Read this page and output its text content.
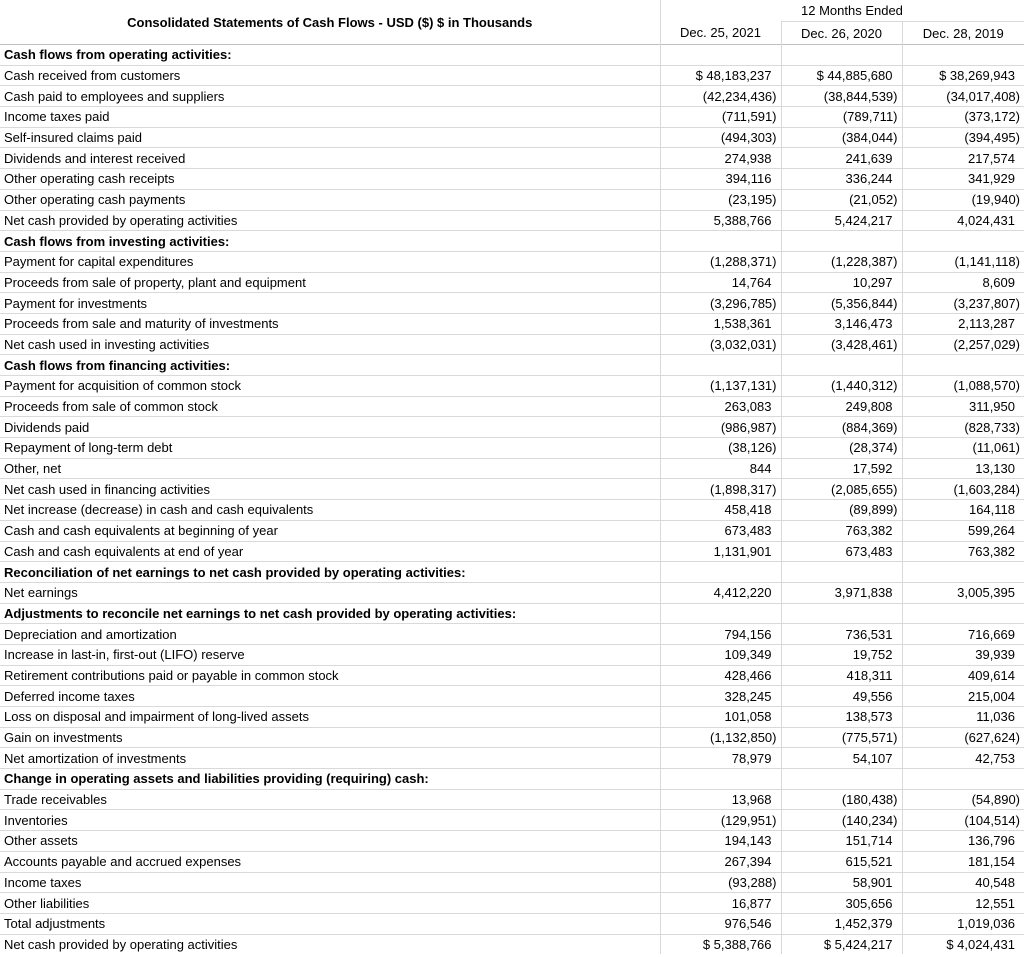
Consolidated Statements of Cash Flows - USD ($) $ in Thousands		12 Months Ended	
	Dec. 25, 2021	Dec. 26, 2020	Dec. 28, 2019
Cash flows from operating activities:			
Cash received from customers	$ 48,183,237	$ 44,885,680	$ 38,269,943
Cash paid to employees and suppliers	(42,234,436)	(38,844,539)	(34,017,408)
Income taxes paid	(711,591)	(789,711)	(373,172)
Self-insured claims paid	(494,303)	(384,044)	(394,495)
Dividends and interest received	274,938	241,639	217,574
Other operating cash receipts	394,116	336,244	341,929
Other operating cash payments	(23,195)	(21,052)	(19,940)
Net cash provided by operating activities	5,388,766	5,424,217	4,024,431
Cash flows from investing activities:			
Payment for capital expenditures	(1,288,371)	(1,228,387)	(1,141,118)
Proceeds from sale of property, plant and equipment	14,764	10,297	8,609
Payment for investments	(3,296,785)	(5,356,844)	(3,237,807)
Proceeds from sale and maturity of investments	1,538,361	3,146,473	2,113,287
Net cash used in investing activities	(3,032,031)	(3,428,461)	(2,257,029)
Cash flows from financing activities:			
Payment for acquisition of common stock	(1,137,131)	(1,440,312)	(1,088,570)
Proceeds from sale of common stock	263,083	249,808	311,950
Dividends paid	(986,987)	(884,369)	(828,733)
Repayment of long-term debt	(38,126)	(28,374)	(11,061)
Other, net	844	17,592	13,130
Net cash used in financing activities	(1,898,317)	(2,085,655)	(1,603,284)
Net increase (decrease) in cash and cash equivalents	458,418	(89,899)	164,118
Cash and cash equivalents at beginning of year	673,483	763,382	599,264
Cash and cash equivalents at end of year	1,131,901	673,483	763,382
Reconciliation of net earnings to net cash provided by operating activities:			
Net earnings	4,412,220	3,971,838	3,005,395
Adjustments to reconcile net earnings to net cash provided by operating activities:			
Depreciation and amortization	794,156	736,531	716,669
Increase in last-in, first-out (LIFO) reserve	109,349	19,752	39,939
Retirement contributions paid or payable in common stock	428,466	418,311	409,614
Deferred income taxes	328,245	49,556	215,004
Loss on disposal and impairment of long-lived assets	101,058	138,573	11,036
Gain on investments	(1,132,850)	(775,571)	(627,624)
Net amortization of investments	78,979	54,107	42,753
Change in operating assets and liabilities providing (requiring) cash:			
Trade receivables	13,968	(180,438)	(54,890)
Inventories	(129,951)	(140,234)	(104,514)
Other assets	194,143	151,714	136,796
Accounts payable and accrued expenses	267,394	615,521	181,154
Income taxes	(93,288)	58,901	40,548
Other liabilities	16,877	305,656	12,551
Total adjustments	976,546	1,452,379	1,019,036
Net cash provided by operating activities	$ 5,388,766	$ 5,424,217	$ 4,024,431
